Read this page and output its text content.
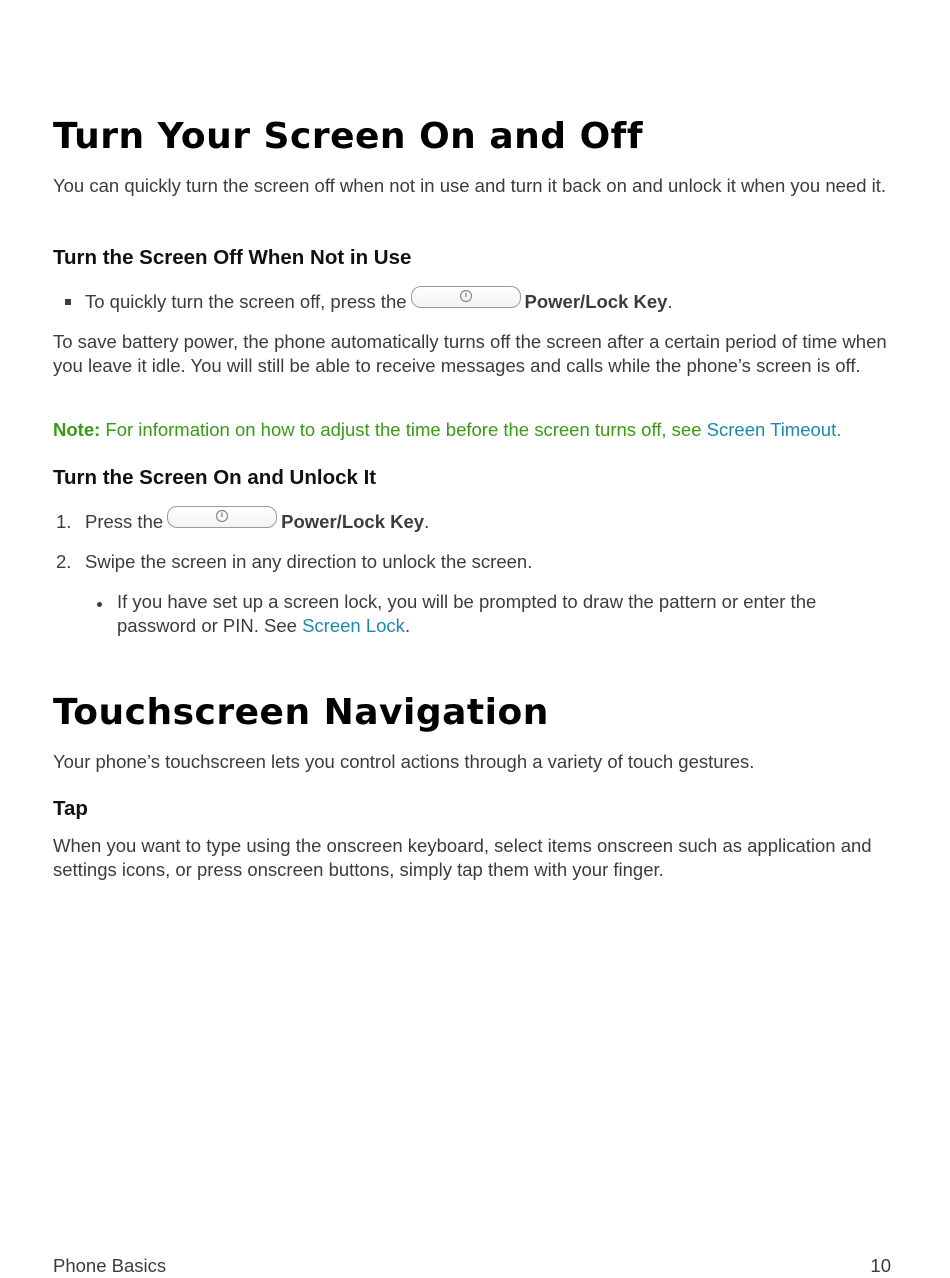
Turn Your Screen On and Off

You can quickly turn the screen off when not in use and turn it back on and unlock it when you need it.

Turn the Screen Off When Not in Use

To quickly turn the screen off, press the	Power/Lock Key.

To save battery power, the phone automatically turns off the screen after a certain period of time when you leave it idle. You will still be able to receive messages and calls while the phone’s screen is off.

Note: For information on how to adjust the time before the screen turns off, see Screen Timeout.

Turn the Screen On and Unlock It
1. Press the	Power/Lock Key.

2. Swipe the screen in any direction to unlock the screen.

If you have set up a screen lock, you will be prompted to draw the pattern or enter the password or PIN. See Screen Lock.

Touchscreen Navigation

Your phone’s touchscreen lets you control actions through a variety of touch gestures.

Tap

When you want to type using the onscreen keyboard, select items onscreen such as application and settings icons, or press onscreen buttons, simply tap them with your finger.

Phone Basics	10
